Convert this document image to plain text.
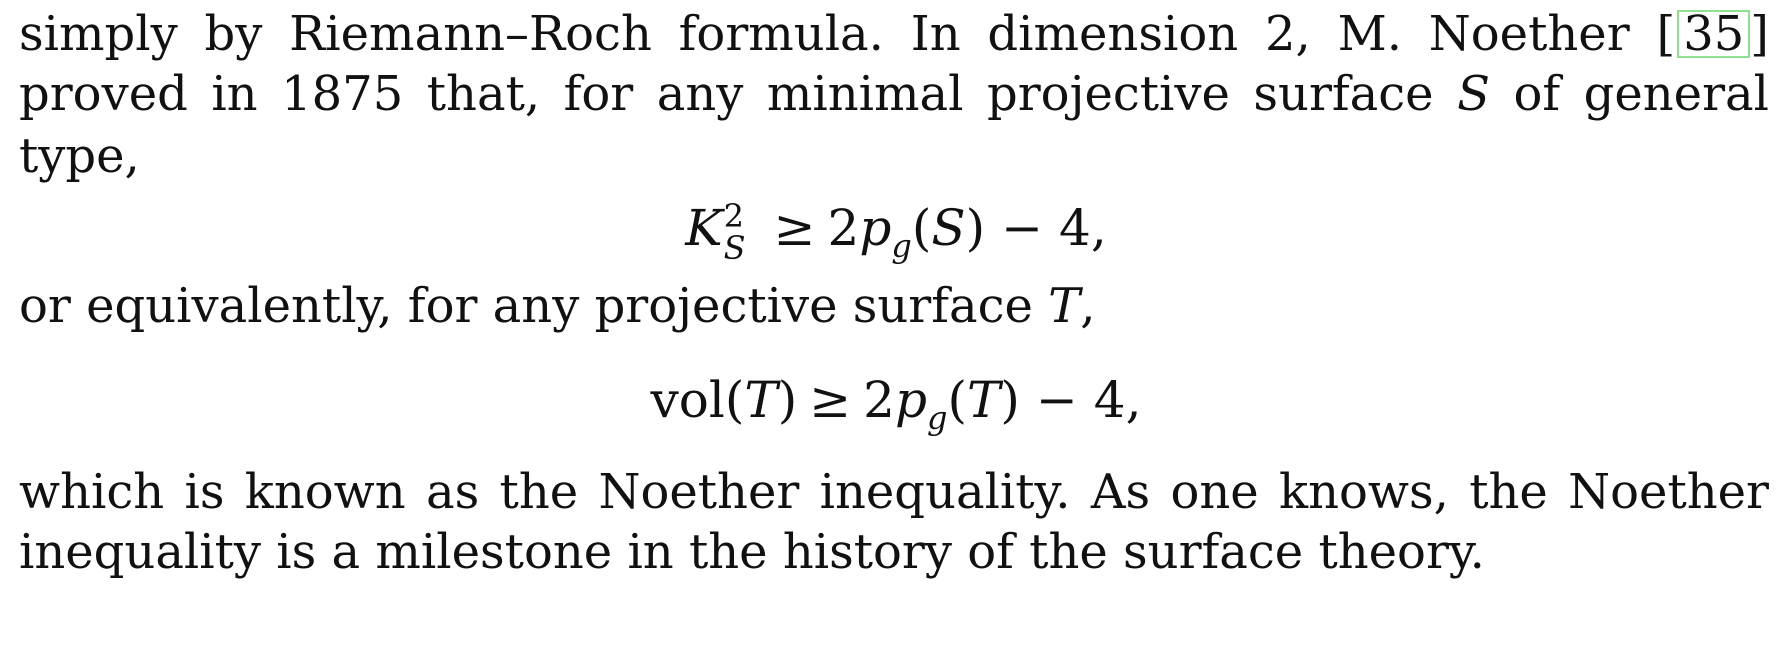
simply by Riemann–Roch formula. In dimension 2, M. Noether [ 35 ]
proved in 1875 that, for any minimal projective surface S of general
type,
K 2
$S \ge 2p_g(S) - 4$,
or equivalently, for any projective surface T,
$vol(T) \ge 2p_g(T) - 4$,
which is known as the Noether inequality. As one knows, the Noether
inequality is a milestone in the history of the surface theory.
